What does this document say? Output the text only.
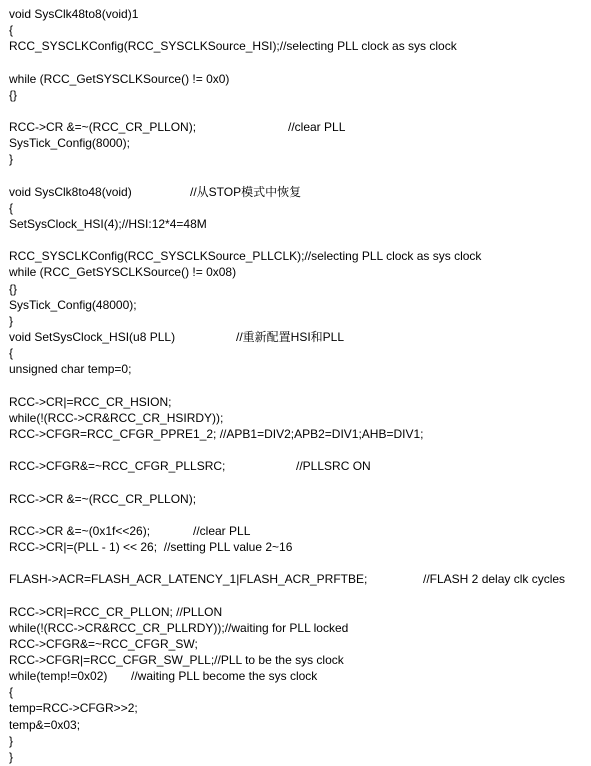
void SysClk48to8(void)1
{
RCC_SYSCLKConfig(RCC_SYSCLKSource_HSI);//selecting PLL clock as sys clock
while (RCC_GetSYSCLKSource() != 0x0)
{}
RCC->CR &=~(RCC_CR_PLLON);	//clear PLL
SysTick_Config(8000);
}
void SysClk8to48(void)	//从STOP模式中恢复
{
SetSysClock_HSI(4);//HSI:12*4=48M
RCC_SYSCLKConfig(RCC_SYSCLKSource_PLLCLK);//selecting PLL clock as sys clock
while (RCC_GetSYSCLKSource() != 0x08)
{}
SysTick_Config(48000);
}
void SetSysClock_HSI(u8 PLL)	//重新配置HSI和PLL
{
unsigned char temp=0;
RCC->CR|=RCC_CR_HSION;
while(!(RCC->CR&RCC_CR_HSIRDY));
RCC->CFGR=RCC_CFGR_PPRE1_2; //APB1=DIV2;APB2=DIV1;AHB=DIV1;
RCC->CFGR&=~RCC_CFGR_PLLSRC;	//PLLSRC ON
RCC->CR &=~(RCC_CR_PLLON);
RCC->CR &=~(0x1f<<26);	//clear PLL
RCC->CR|=(PLL - 1) << 26;  //setting PLL value 2~16
FLASH->ACR=FLASH_ACR_LATENCY_1|FLASH_ACR_PRFTBE;	//FLASH 2 delay clk cycles
RCC->CR|=RCC_CR_PLLON; //PLLON
while(!(RCC->CR&RCC_CR_PLLRDY));//waiting for PLL locked
RCC->CFGR&=~RCC_CFGR_SW;
RCC->CFGR|=RCC_CFGR_SW_PLL;//PLL to be the sys clock
while(temp!=0x02) //waiting PLL become the sys clock
{
temp=RCC->CFGR>>2;
temp&=0x03;
}
}
